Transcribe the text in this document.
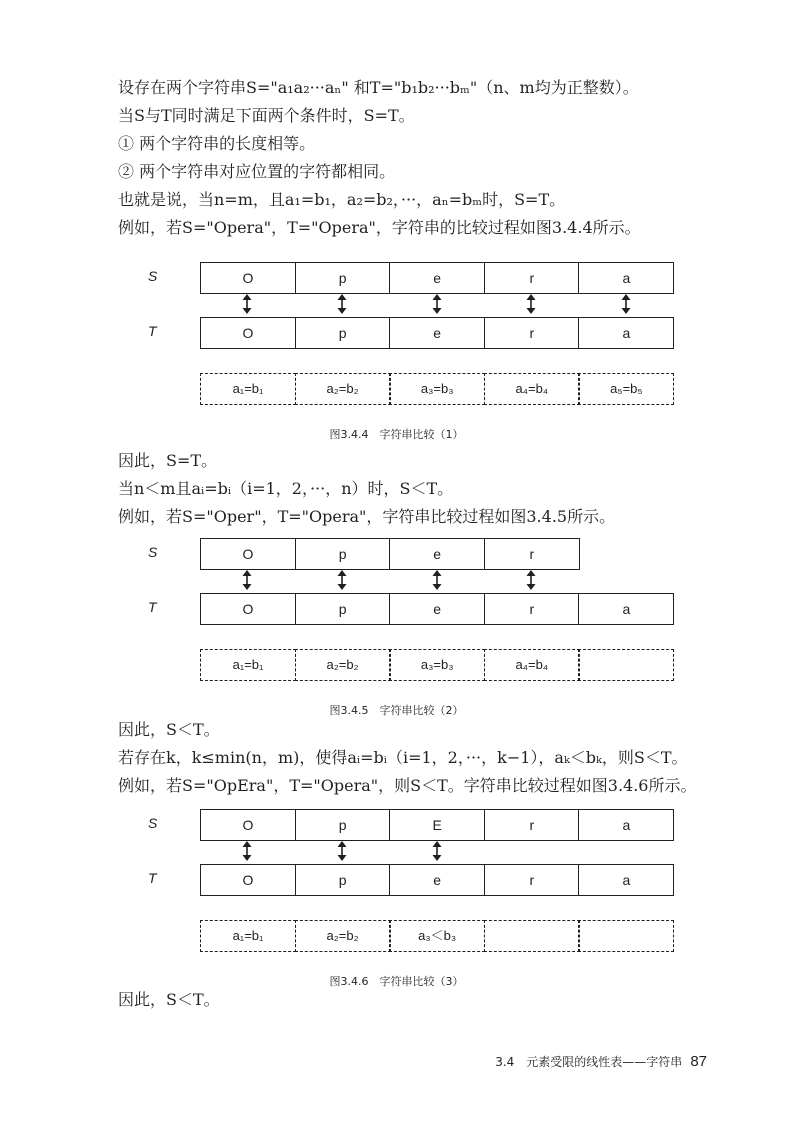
设存在两个字符串S="a₁a₂···aₙ" 和T="b₁b₂···bₘ"（n、m均为正整数）。
当S与T同时满足下面两个条件时，S=T。
① 两个字符串的长度相等。
② 两个字符串对应位置的字符都相同。
也就是说，当n=m，且a₁=b₁，a₂=b₂，···，aₙ=bₘ时，S=T。
例如，若S="Opera"，T="Opera"，字符串的比较过程如图3.4.4所示。
S
T
O	p	e	r	a
O	p	e	r	a
a₁=b₁	a₂=b₂	a₃=b₃	a₄=b₄	a₅=b₅
图3.4.4　字符串比较（1）
因此，S=T。
当n＜m且aᵢ=bᵢ（i=1，2，···，n）时，S＜T。
例如，若S="Oper"，T="Opera"，字符串比较过程如图3.4.5所示。
S
T
O	p	e	r
O	p	e	r	a
a₁=b₁	a₂=b₂	a₃=b₃	a₄=b₄
图3.4.5　字符串比较（2）
因此，S＜T。
若存在k，k≤min(n，m)，使得aᵢ=bᵢ（i=1，2，···，k−1），aₖ＜bₖ，则S＜T。
例如，若S="OpEra"，T="Opera"，则S＜T。字符串比较过程如图3.4.6所示。
S
T
O	p	E	r	a
O	p	e	r	a
a₁=b₁	a₂=b₂	a₃＜b₃
图3.4.6　字符串比较（3）
因此，S＜T。
3.4　元素受限的线性表——字符串 87
